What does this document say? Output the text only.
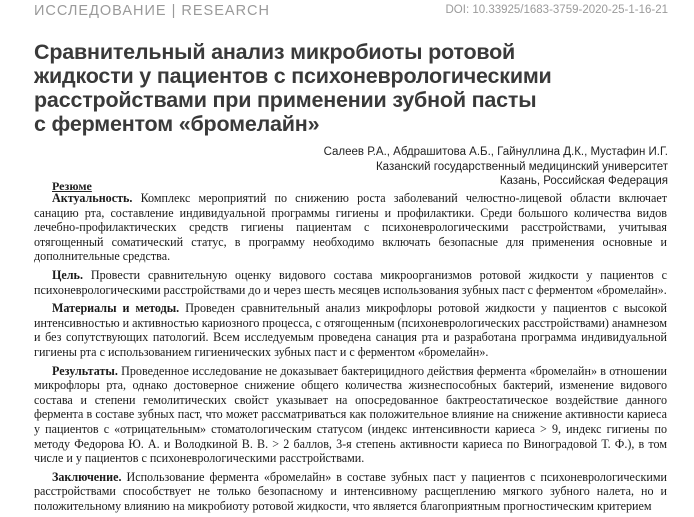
ИССЛЕДОВАНИЕ | RESEARCH	DOI: 10.33925/1683-3759-2020-25-1-16-21
Сравнительный анализ микробиоты ротовой
жидкости у пациентов с психоневрологическими
расстройствами при применении зубной пасты
с ферментом «бромелайн»
Салеев Р.А., Абдрашитова А.Б., Гайнуллина Д.К., Мустафин И.Г.
Казанский государственный медицинский университет
Казань, Российская Федерация
Резюме

Актуальность. Комплекс мероприятий по снижению роста заболеваний челюстно-лицевой области включает санацию рта, составление индивидуальной программы гигиены и профилактики. Среди большого количества видов лечебно-профилактических средств гигиены пациентам с психоневрологическими расстройствами, учитывая отягощенный соматический статус, в программу необходимо включать безопасные для применения основные и дополнительные средства.

Цель. Провести сравнительную оценку видового состава микроорганизмов ротовой жидкости у пациентов с психоневрологическими расстройствами до и через шесть месяцев использования зубных паст с ферментом «бромелайн».

Материалы и методы. Проведен сравнительный анализ микрофлоры ротовой жидкости у пациентов с высокой интенсивностью и активностью кариозного процесса, с отягощенным (психоневрологических расстройствами) анамнезом и без сопутствующих патологий. Всем исследуемым проведена санация рта и разработана программа индивидуальной гигиены рта с использованием гигиенических зубных паст и с ферментом «бромелайн».

Результаты. Проведенное исследование не доказывает бактерицидного действия фермента «бромелайн» в отношении микрофлоры рта, однако достоверное снижение общего количества жизнеспособных бактерий, изменение видового состава и степени гемолитических свойст указывает на опосредованное бактреостатическое воздействие данного фермента в составе зубных паст, что может рассматриваться как положительное влияние на снижение активности кариеса у пациентов с «отрицательным» стоматологическим статусом (индекс интенсивности кариеса > 9, индекс гигиены по методу Федорова Ю. А. и Володкиной В. В. > 2 баллов, 3-я степень активности кариеса по Виноградовой Т. Ф.), в том числе и у пациентов с психоневрологическими расстройствами.

Заключение. Использование фермента «бромелайн» в составе зубных паст у пациентов с психоневрологическими расстройствами способствует не только безопасному и интенсивному расщеплению мягкого зубного налета, но и положительному влиянию на микробиоту ротовой жидкости, что является благоприятным прогностическим критерием
